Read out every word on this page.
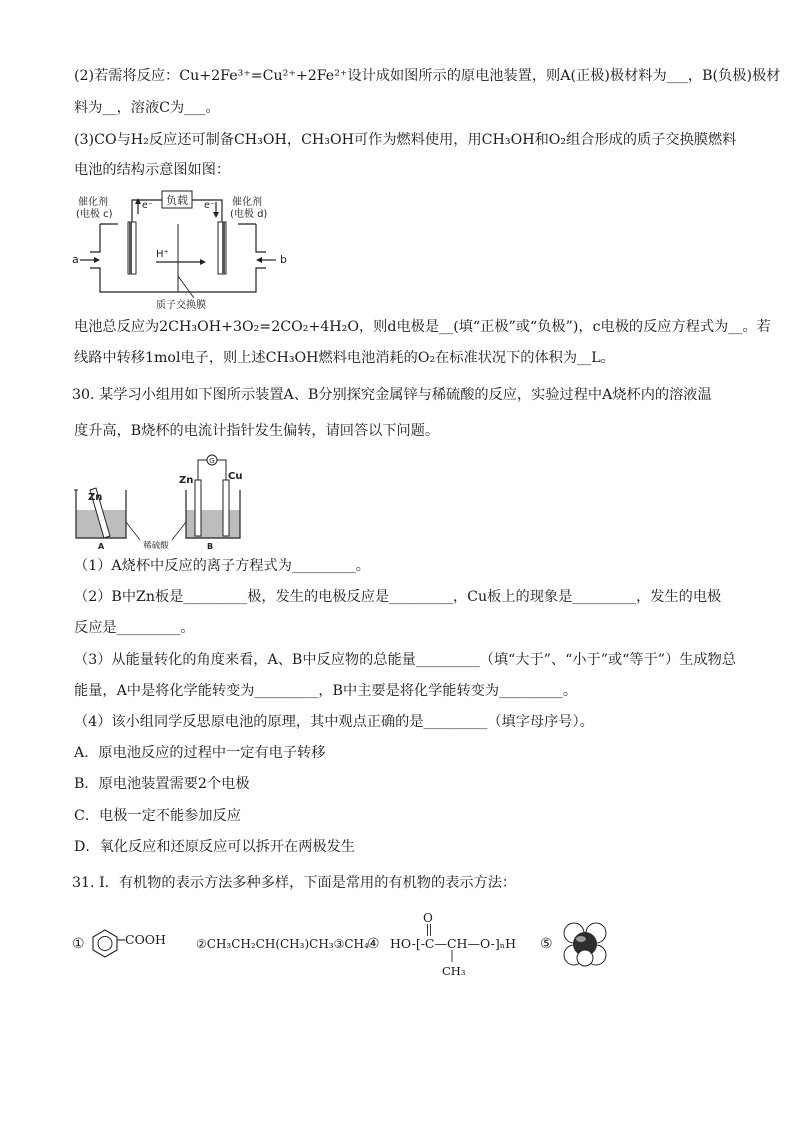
(2)若需将反应：Cu+2Fe³⁺=Cu²⁺+2Fe²⁺设计成如图所示的原电池装置，则A(正极)极材料为___，B(负极)极材
料为__，溶液C为___。
(3)CO与H₂反应还可制备CH₃OH，CH₃OH可作为燃料使用，用CH₃OH和O₂组合形成的质子交换膜燃料
电池的结构示意图如图：
负载
催化剂
(电极 c)
催化剂
(电极 d)
e⁻	e⁻
a	b
H⁺
质子交换膜
电池总反应为2CH₃OH+3O₂=2CO₂+4H₂O，则d电极是__(填“正极”或“负极”)，c电极的反应方程式为__。若
线路中转移1mol电子，则上述CH₃OH燃料电池消耗的O₂在标准状况下的体积为__L。
30. 某学习小组用如下图所示装置A、B分别探究金属锌与稀硫酸的反应，实验过程中A烧杯内的溶液温
度升高，B烧杯的电流计指针发生偏转，请回答以下问题。
Zn
A
G
Zn	Cu
B
稀硫酸
（1）A烧杯中反应的离子方程式为_________。
（2）B中Zn板是_________极，发生的电极反应是_________，Cu板上的现象是_________，发生的电极
反应是_________。
（3）从能量转化的角度来看，A、B中反应物的总能量_________（填“大于”、“小于”或“等于”）生成物总
能量，A中是将化学能转变为_________，B中主要是将化学能转变为_________。
（4）该小组同学反思原电池的原理，其中观点正确的是_________（填字母序号）。
A．原电池反应的过程中一定有电子转移
B．原电池装置需要2个电极
C．电极一定不能参加反应
D．氧化反应和还原反应可以拆开在两极发生
31. Ⅰ．有机物的表示方法多种多样，下面是常用的有机物的表示方法：
①	COOH	②CH₃CH₂CH(CH₃)CH₃③CH₄
④ HO-[-C—CH—O-]ₙH
O
CH₃
⑤
